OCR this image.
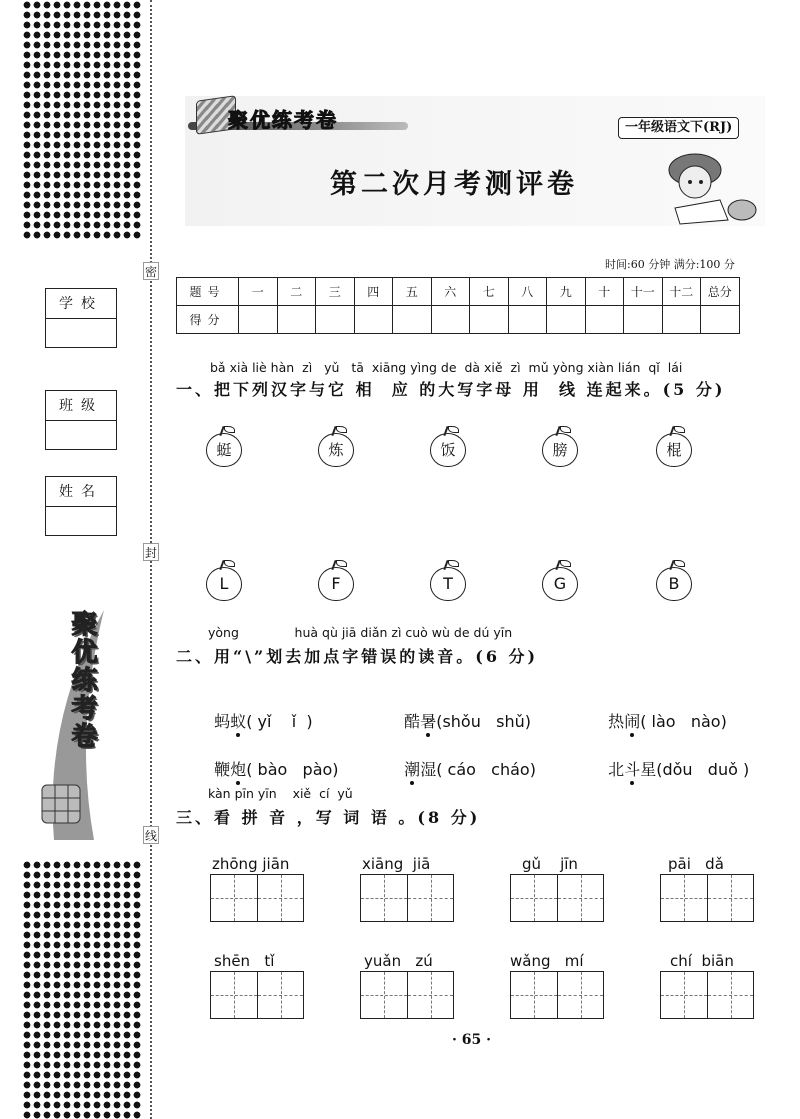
密
封
线
学校
班级
姓名
聚优练考卷
聚优练考卷	一年级语文下(RJ)
第二次月考测评卷
时间:60 分钟 满分:100 分
题号	一	二	三	四	五	六	七	八	九	十	十一	十二	总分
得分													
bǎ xià liè hàn  zì   yǔ   tā  xiāng yìng de  dà xiě  zì  mǔ yòng xiàn lián  qǐ  lái
一、把下列汉字与它 相  应 的大写字母 用  线 连起来。(5 分)
蜓	炼	饭	膀	棍
L	F	T	G	B
yòng              huà qù jiā diǎn zì cuò wù de dú yīn
二、用“\”划去加点字错误的读音。(6 分)

蚂蚁( yǐ    ǐ  )	酷暑(shǒu   shǔ)	热闹( lào   nào)

鞭炮( bào   pào)	潮湿( cáo   cháo)	北斗星(dǒu   duǒ )

kàn pīn yīn    xiě  cí  yǔ
三、看 拼 音 ，写 词 语 。(8 分)
zhōng jiān	xiāng  jiā	gǔ    jīn	pāi   dǎ
shēn   tǐ	yuǎn   zú	wǎng   mí	chí  biān
· 65 ·
